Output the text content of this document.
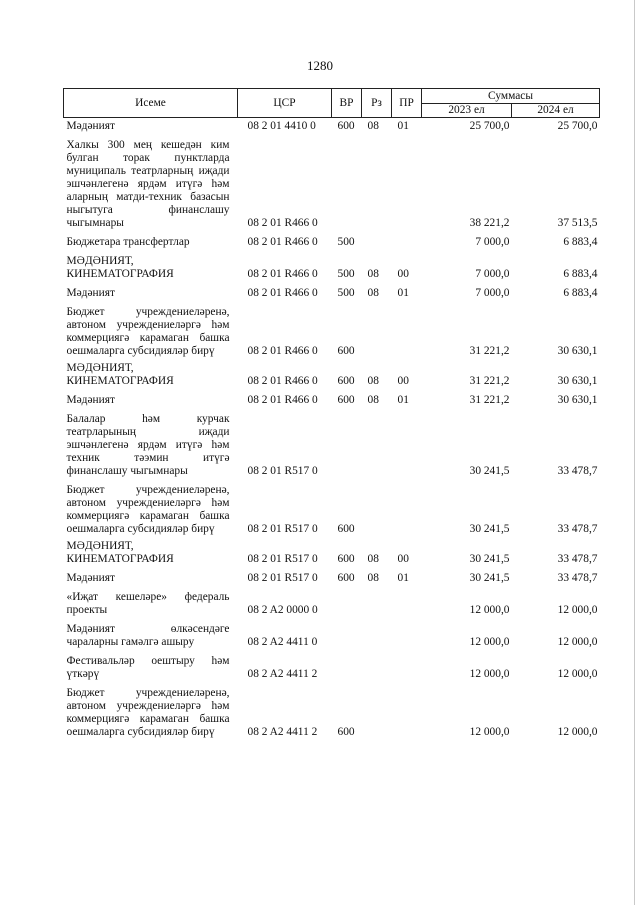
1280
Исеме	ЦСР	ВР	Рз	ПР	Суммасы	
					2023 ел	2024 ел
Мәдәният	08 2 01 4410 0	600	08	01	25 700,0	25 700,0
Халкы 300 мең кешедән ким булган торак пунктларда муниципаль театрларның иҗади эшчәнлегенә ярдәм итүгә һәм аларның матди-техник базасын ныгытуга финанслашу чыгымнары	08 2 01 R466 0				38 221,2	37 513,5
Бюджетара трансфертлар	08 2 01 R466 0	500			7 000,0	6 883,4
МӘДӘНИЯТ, КИНЕМАТОГРАФИЯ	08 2 01 R466 0	500	08	00	7 000,0	6 883,4
Мәдәният	08 2 01 R466 0	500	08	01	7 000,0	6 883,4
Бюджет учреждениеләренә, автоном учреждениеләргә һәм коммерциягә карамаган башка оешмаларга субсидияләр бирү	08 2 01 R466 0	600			31 221,2	30 630,1
МӘДӘНИЯТ, КИНЕМАТОГРАФИЯ	08 2 01 R466 0	600	08	00	31 221,2	30 630,1
Мәдәният	08 2 01 R466 0	600	08	01	31 221,2	30 630,1
Балалар һәм курчак театрларының иҗади эшчәнлегенә ярдәм итүгә һәм техник тәэмин итүгә финанслашу чыгымнары	08 2 01 R517 0				30 241,5	33 478,7
Бюджет учреждениеләренә, автоном учреждениеләргә һәм коммерциягә карамаган башка оешмаларга субсидияләр бирү	08 2 01 R517 0	600			30 241,5	33 478,7
МӘДӘНИЯТ, КИНЕМАТОГРАФИЯ	08 2 01 R517 0	600	08	00	30 241,5	33 478,7
Мәдәният	08 2 01 R517 0	600	08	01	30 241,5	33 478,7
«Иҗат кешеләре» федераль проекты	08 2 A2 0000 0				12 000,0	12 000,0
Мәдәният өлкәсендәге чараларны гамәлгә ашыру	08 2 A2 4411 0				12 000,0	12 000,0
Фестивальләр оештыру һәм үткәрү	08 2 A2 4411 2				12 000,0	12 000,0
Бюджет учреждениеләренә, автоном учреждениеләргә һәм коммерциягә карамаган башка оешмаларга субсидияләр бирү	08 2 A2 4411 2	600			12 000,0	12 000,0
